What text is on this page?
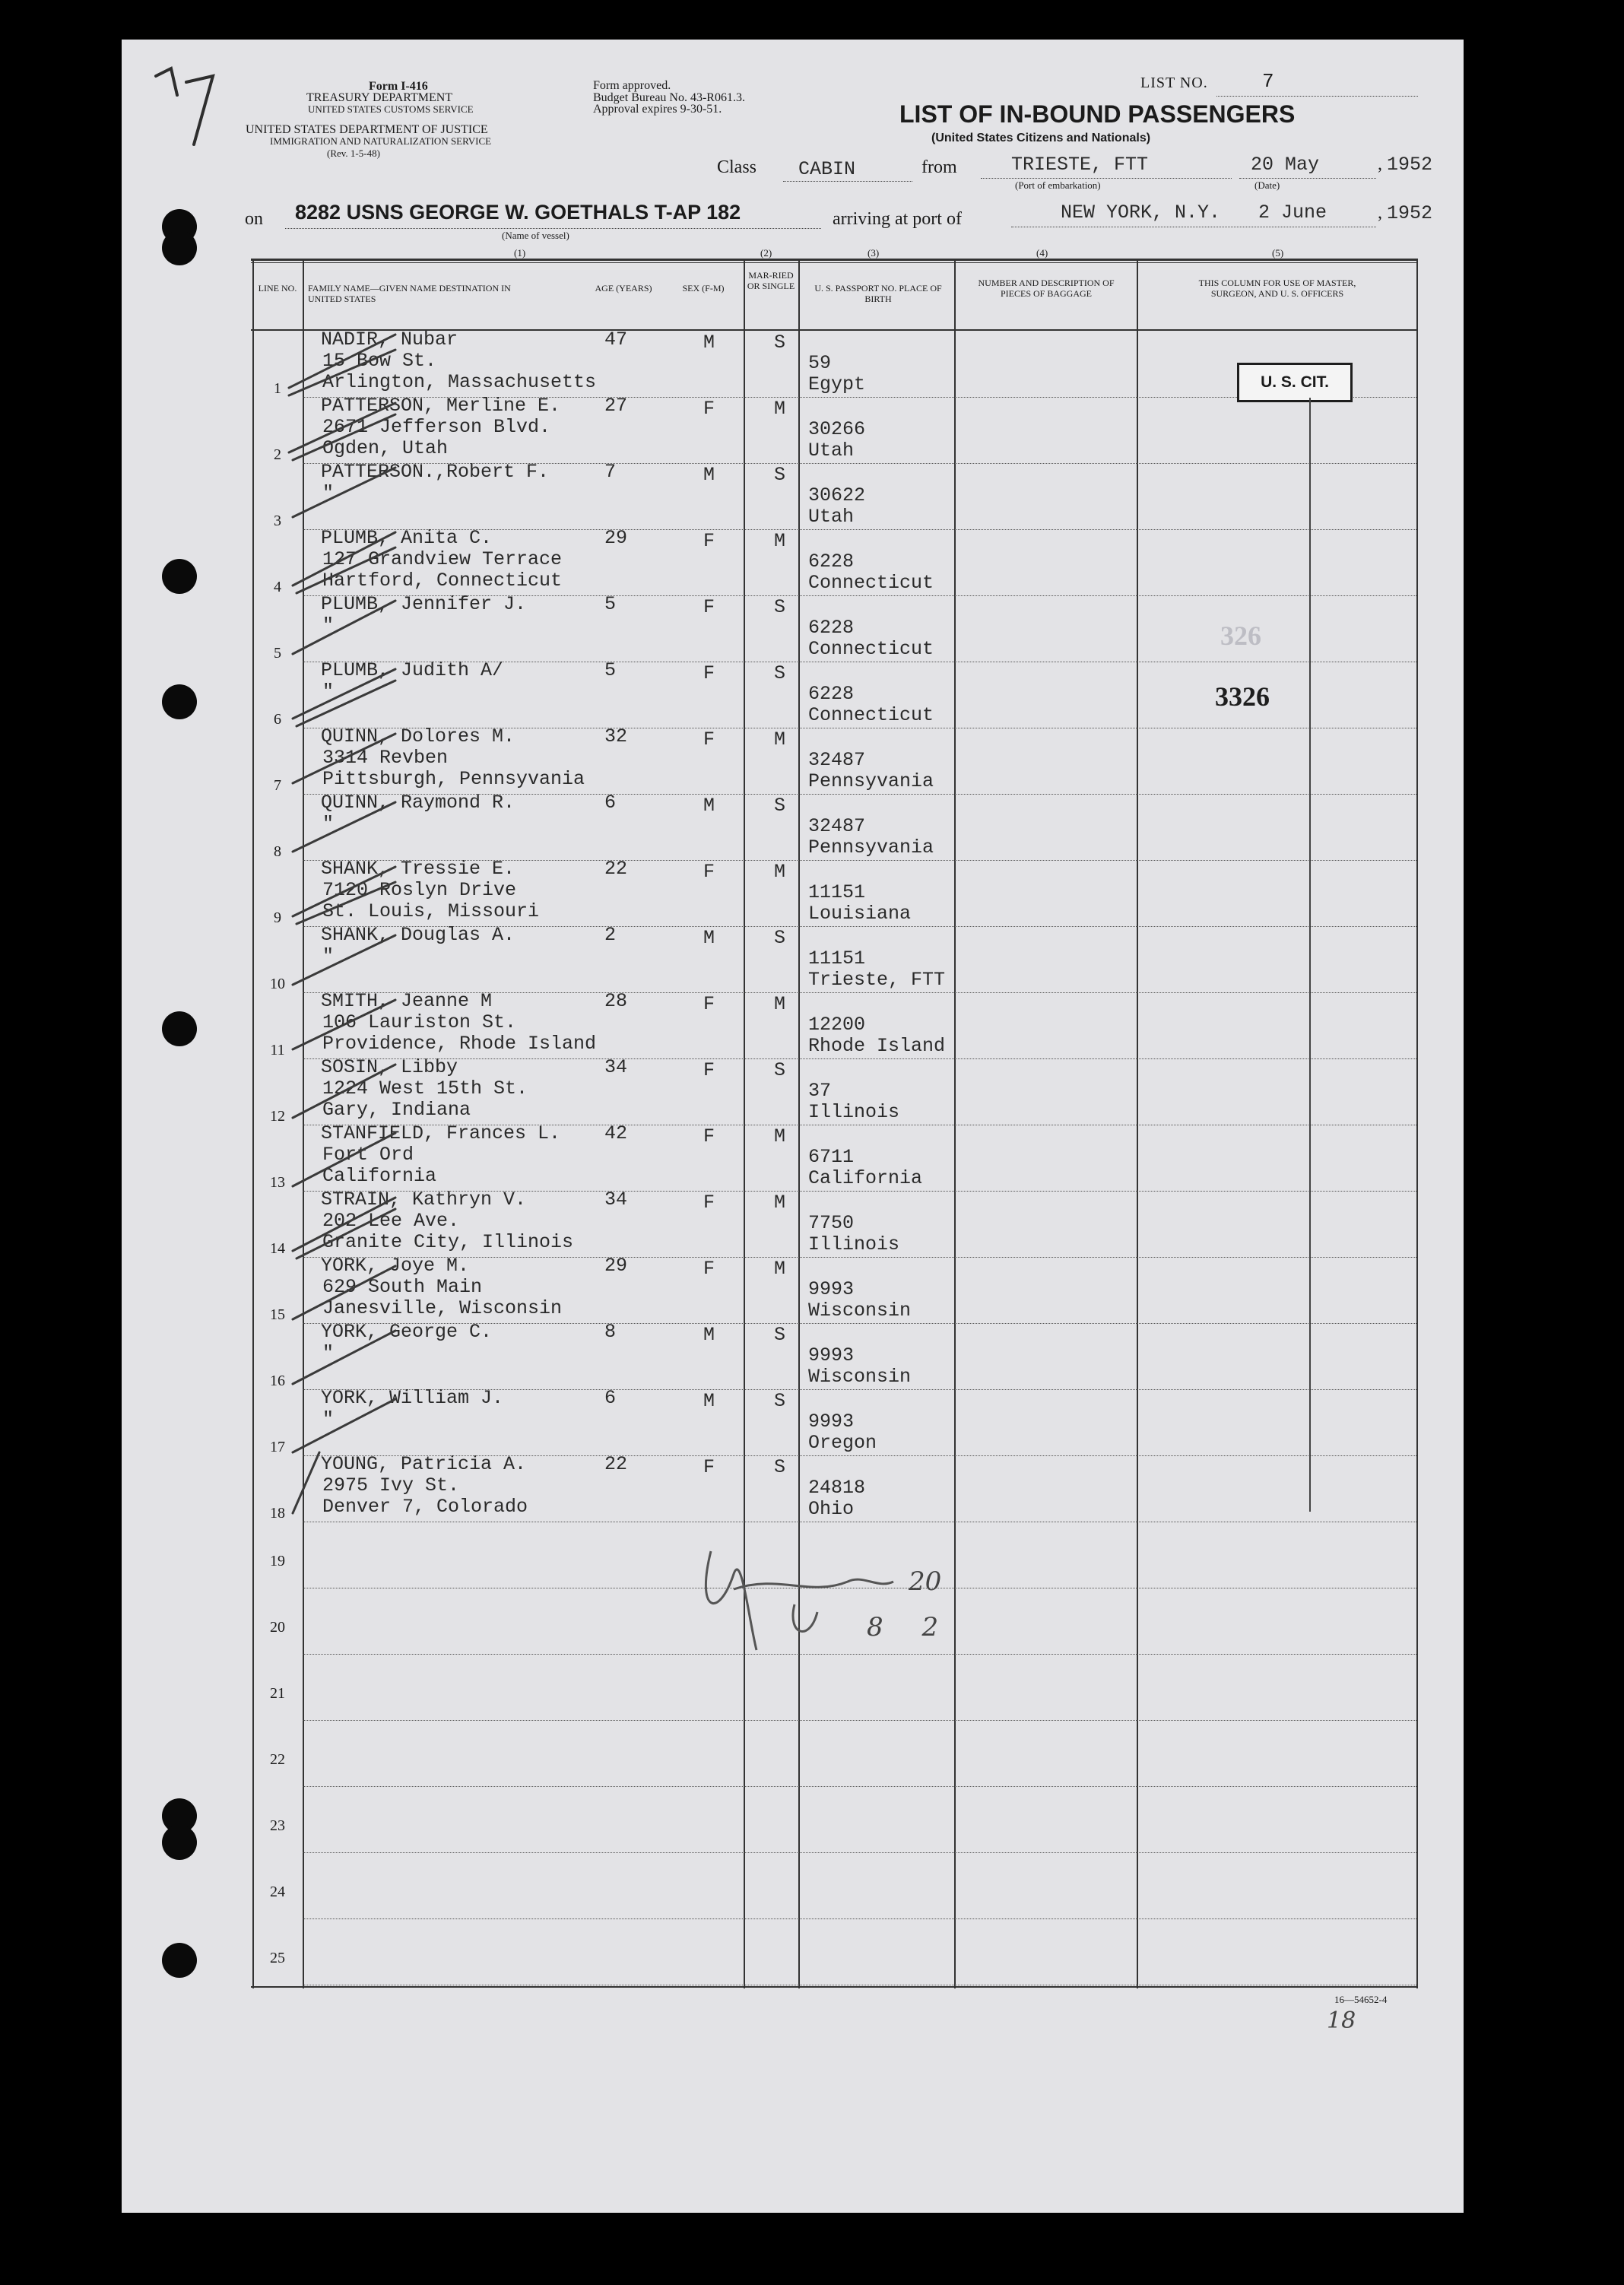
Form I-416
TREASURY DEPARTMENT
UNITED STATES CUSTOMS SERVICE
UNITED STATES DEPARTMENT OF JUSTICE
IMMIGRATION AND NATURALIZATION SERVICE
(Rev. 1-5-48)
Form approved.
Budget Bureau No. 43-R061.3.
Approval expires 9-30-51.
LIST NO.	7
LIST OF IN-BOUND PASSENGERS
(United States Citizens and Nationals)
Class CABIN	from	TRIESTE, FTT
(Port of embarkation)
20 May
(Date)
, 1952
on 8282 USNS GEORGE W. GOETHALS T-AP 182
(Name of vessel)
arriving at port of	NEW YORK, N.Y. 2 June	, 1952
(1)	(2)	(3)	(4)	(5)
LINE NO.	FAMILY NAME—GIVEN NAME DESTINATION IN UNITED STATES
AGE (YEARS)	SEX (F-M)
MAR-RIED OR SINGLE	U. S. PASSPORT NO. PLACE OF BIRTH
NUMBER AND DESCRIPTION OF PIECES OF BAGGAGE
THIS COLUMN FOR USE OF MASTER, SURGEON, AND U. S. OFFICERS
1
NADIR, Nubar
15 Bow St.
Arlington, Massachusetts
47	M	S
59
Egypt
2
PATTERSON, Merline E.
2671 Jefferson Blvd.
Ogden, Utah
27	F	M
30266
Utah
3
PATTERSON.,Robert F.
"
7	M	S
30622
Utah
4
PLUMB, Anita C.
127 Grandview Terrace
Hartford, Connecticut
29	F	M
6228
Connecticut
5
PLUMB, Jennifer J.
"
5	F	S
6228
Connecticut
6
PLUMB, Judith A/
"
5	F	S
6228
Connecticut
7
QUINN, Dolores M.
3314 Revben
Pittsburgh, Pennsyvania
32	F	M
32487
Pennsyvania
8
QUINN, Raymond R.
"
6	M	S
32487
Pennsyvania
9
SHANK, Tressie E.
7120 Roslyn Drive
St. Louis, Missouri
22	F	M
11151
Louisiana
10
SHANK, Douglas A.
"
2	M	S
11151
Trieste, FTT
11
SMITH, Jeanne M
106 Lauriston St.
Providence, Rhode Island
28	F	M
12200
Rhode Island
12
SOSIN, Libby
1224 West 15th St.
Gary, Indiana
34	F	S
37
Illinois
13
STANFIELD, Frances L.
Fort Ord
California
42	F	M
6711
California
14
STRAIN, Kathryn V.
202 Lee Ave.
Granite City, Illinois
34	F	M
7750
Illinois
15
YORK, Joye M.
629 South Main
Janesville, Wisconsin
29	F	M
9993
Wisconsin
16
YORK, George C.
"
8	M	S
9993
Wisconsin
17
YORK, William J.
"
6	M	S
9993
Oregon
18
YOUNG, Patricia A.
2975 Ivy St.
Denver 7, Colorado
22	F	S
24818
Ohio
19
20
21
22
23
24
25
U. S. CIT.
326
3326
20
8 2
16—54652-4
18
